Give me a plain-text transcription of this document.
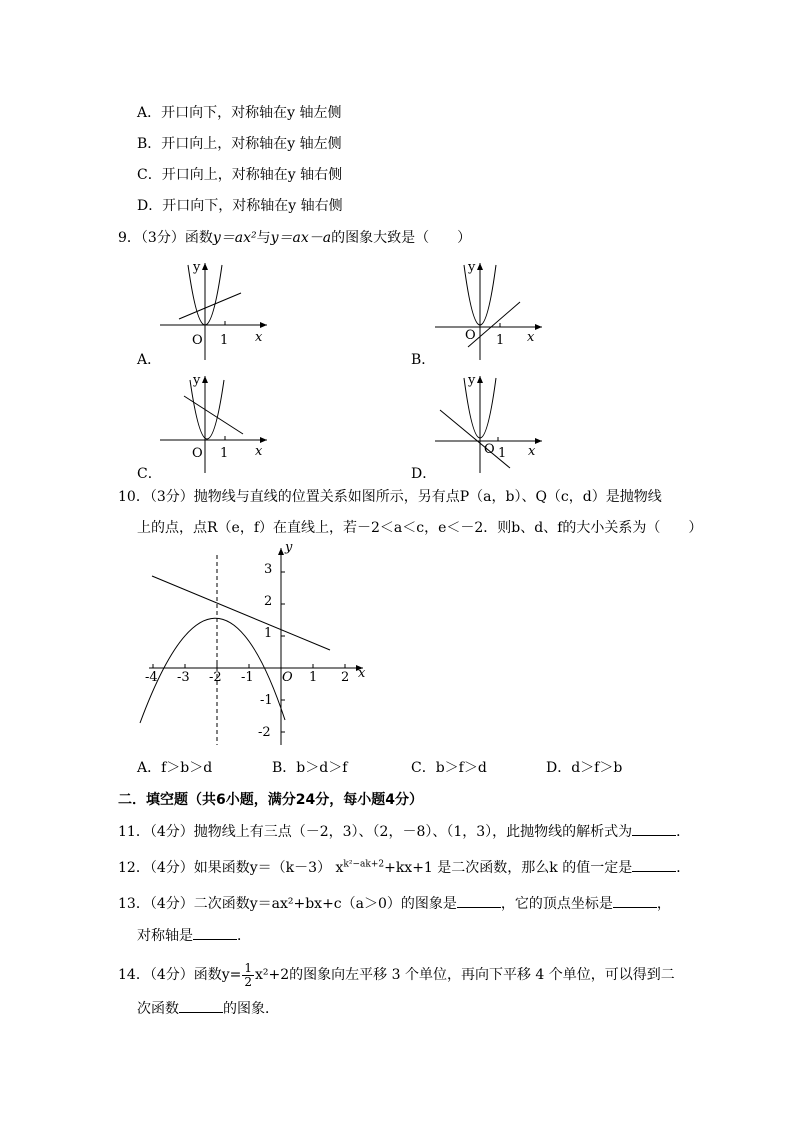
A．开口向下，对称轴在y 轴左侧
B．开口向上，对称轴在y 轴左侧
C．开口向上，对称轴在y 轴右侧
D．开口向下，对称轴在y 轴右侧
9．（3分）函数y＝ax²与y＝ax－a的图象大致是（　　）
A．
y
O 1 x
B．
y
O 1 x
C．
y
O 1 x
D．
y
O 1 x
10．（3分）抛物线与直线的位置关系如图所示，另有点P（a，b）、Q（c，d）是抛物线
上的点，点R（e，f）在直线上，若－2＜a＜c，e＜－2．则b、d、f的大小关系为（　　）
y
x
3
2
1
-1
-2
-4 -3 -2 -1 O 1 2
A．f＞b＞d	B．b＞d＞f	C．b＞f＞d	D．d＞f＞b
二．填空题（共6小题，满分24分，每小题4分）
11．（4分）抛物线上有三点（－2，3）、（2，－8）、（1，3），此抛物线的解析式为	．
12．（4分）如果函数y＝（k－3） $x^{k^2-ak+2}+kx+1$ 是二次函数，那么k 的值一定是	．
13．（4分）二次函数y＝ax²+bx+c（a＞0）的图象是	，它的顶点坐标是	，
对称轴是	．
14．（4分）函数$y= \frac{1}{2} x^2+2$的图象向左平移 3 个单位，再向下平移 4 个单位，可以得到二
次函数	的图象．
